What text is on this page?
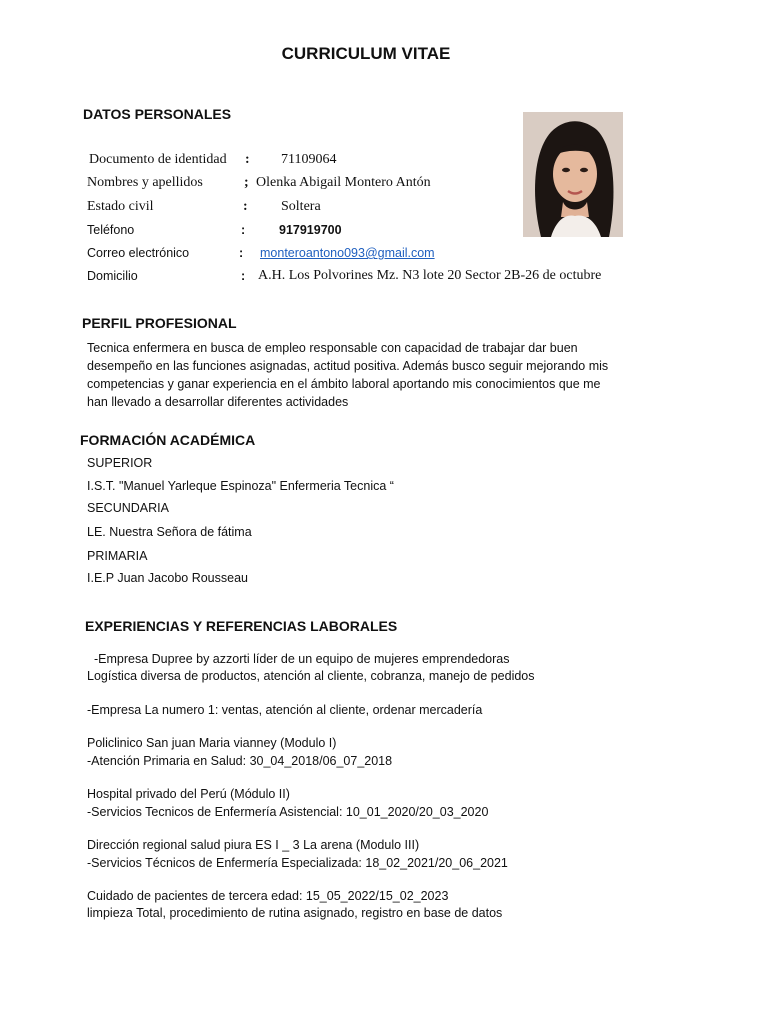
CURRICULUM VITAE
DATOS PERSONALES
Documento de identidad : 71109064
Nombres y apellidos	; Olenka Abigail Montero Antón
Estado civil	: Soltera
Teléfono	:	917919700
Correo electrónico	: monteroantono093@gmail.com
Domicilio	: A.H. Los Polvorines Mz. N3 lote 20 Sector 2B-26 de octubre
PERFIL PROFESIONAL
Tecnica enfermera en busca de empleo responsable con capacidad de trabajar dar buen
desempeño en las funciones asignadas, actitud positiva. Además busco seguir mejorando mis
competencias y ganar experiencia en el ámbito laboral aportando mis conocimientos que me
han llevado a desarrollar diferentes actividades
FORMACIÓN ACADÉMICA
SUPERIOR
I.S.T. "Manuel Yarleque Espinoza" Enfermeria Tecnica “
SECUNDARIA
LE. Nuestra Señora de fátima
PRIMARIA
I.E.P Juan Jacobo Rousseau
EXPERIENCIAS Y REFERENCIAS LABORALES
-Empresa Dupree by azzorti líder de un equipo de mujeres emprendedoras
Logística diversa de productos, atención al cliente, cobranza, manejo de pedidos
-Empresa La numero 1: ventas, atención al cliente, ordenar mercadería
Policlinico San juan Maria vianney (Modulo I)
-Atención Primaria en Salud: 30_04_2018/06_07_2018
Hospital privado del Perú (Módulo II)
-Servicios Tecnicos de Enfermería Asistencial: 10_01_2020/20_03_2020
Dirección regional salud piura ES I _ 3 La arena (Modulo III)
-Servicios Técnicos de Enfermería Especializada: 18_02_2021/20_06_2021
Cuidado de pacientes de tercera edad: 15_05_2022/15_02_2023
limpieza Total, procedimiento de rutina asignado, registro en base de datos
